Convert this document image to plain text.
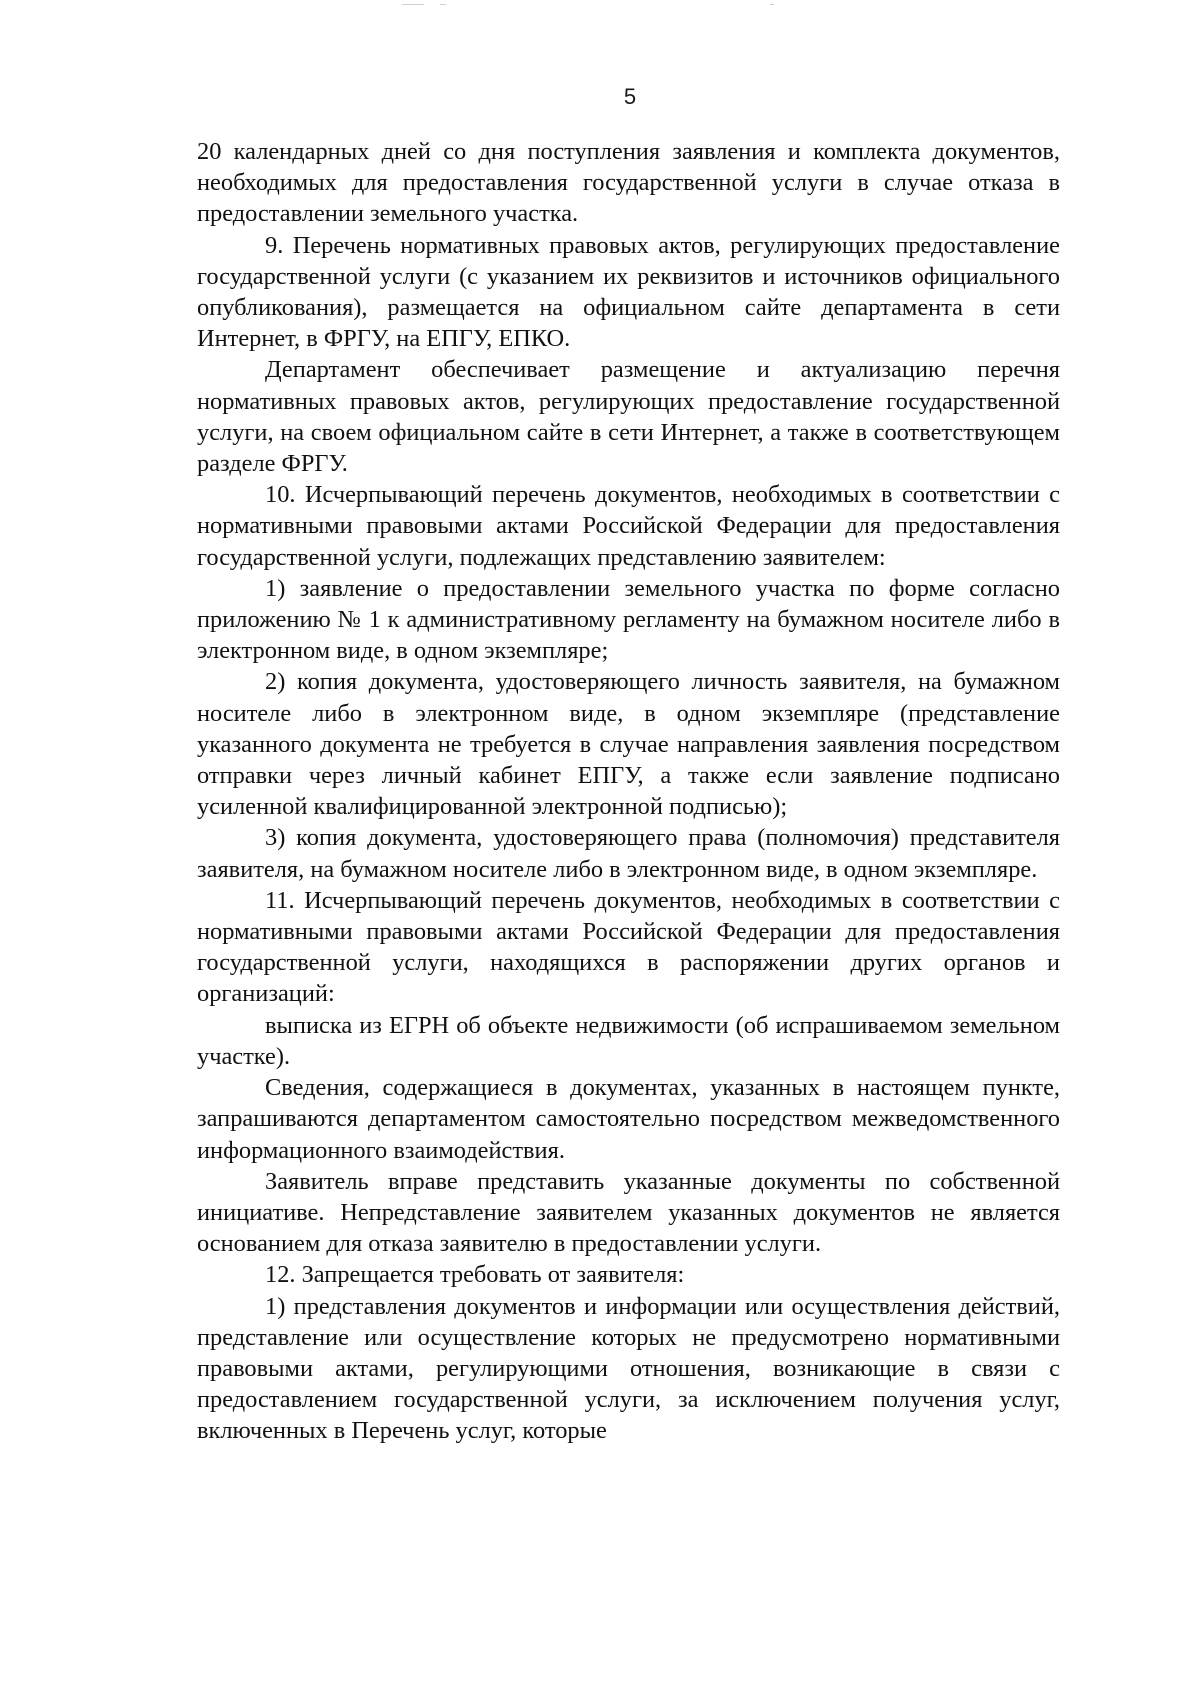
5

20 календарных дней со дня поступления заявления и комплекта документов, необходимых для предоставления государственной услуги в случае отказа в предоставлении земельного участка.

9. Перечень нормативных правовых актов, регулирующих предоставление государственной услуги (с указанием их реквизитов и источников официального опубликования), размещается на официальном сайте департамента в сети Интернет, в ФРГУ, на ЕПГУ, ЕПКО.

Департамент обеспечивает размещение и актуализацию перечня нормативных правовых актов, регулирующих предоставление государственной услуги, на своем официальном сайте в сети Интернет, а также в соответствующем разделе ФРГУ.

10. Исчерпывающий перечень документов, необходимых в соответствии с нормативными правовыми актами Российской Федерации для предоставления государственной услуги, подлежащих представлению заявителем:

1) заявление о предоставлении земельного участка по форме согласно приложению № 1 к административному регламенту на бумажном носителе либо в электронном виде, в одном экземпляре;

2) копия документа, удостоверяющего личность заявителя, на бумажном носителе либо в электронном виде, в одном экземпляре (представление указанного документа не требуется в случае направления заявления посредством отправки через личный кабинет ЕПГУ, а также если заявление подписано усиленной квалифицированной электронной подписью);

3) копия документа, удостоверяющего права (полномочия) представителя заявителя, на бумажном носителе либо в электронном виде, в одном экземпляре.

11. Исчерпывающий перечень документов, необходимых в соответствии с нормативными правовыми актами Российской Федерации для предоставления государственной услуги, находящихся в распоряжении других органов и организаций:

выписка из ЕГРН об объекте недвижимости (об испрашиваемом земельном участке).

Сведения, содержащиеся в документах, указанных в настоящем пункте, запрашиваются департаментом самостоятельно посредством межведомственного информационного взаимодействия.

Заявитель вправе представить указанные документы по собственной инициативе. Непредставление заявителем указанных документов не является основанием для отказа заявителю в предоставлении услуги.

12. Запрещается требовать от заявителя:

1) представления документов и информации или осуществления действий, представление или осуществление которых не предусмотрено нормативными правовыми актами, регулирующими отношения, возникающие в связи с предоставлением государственной услуги, за исключением получения услуг, включенных в Перечень услуг, которые
